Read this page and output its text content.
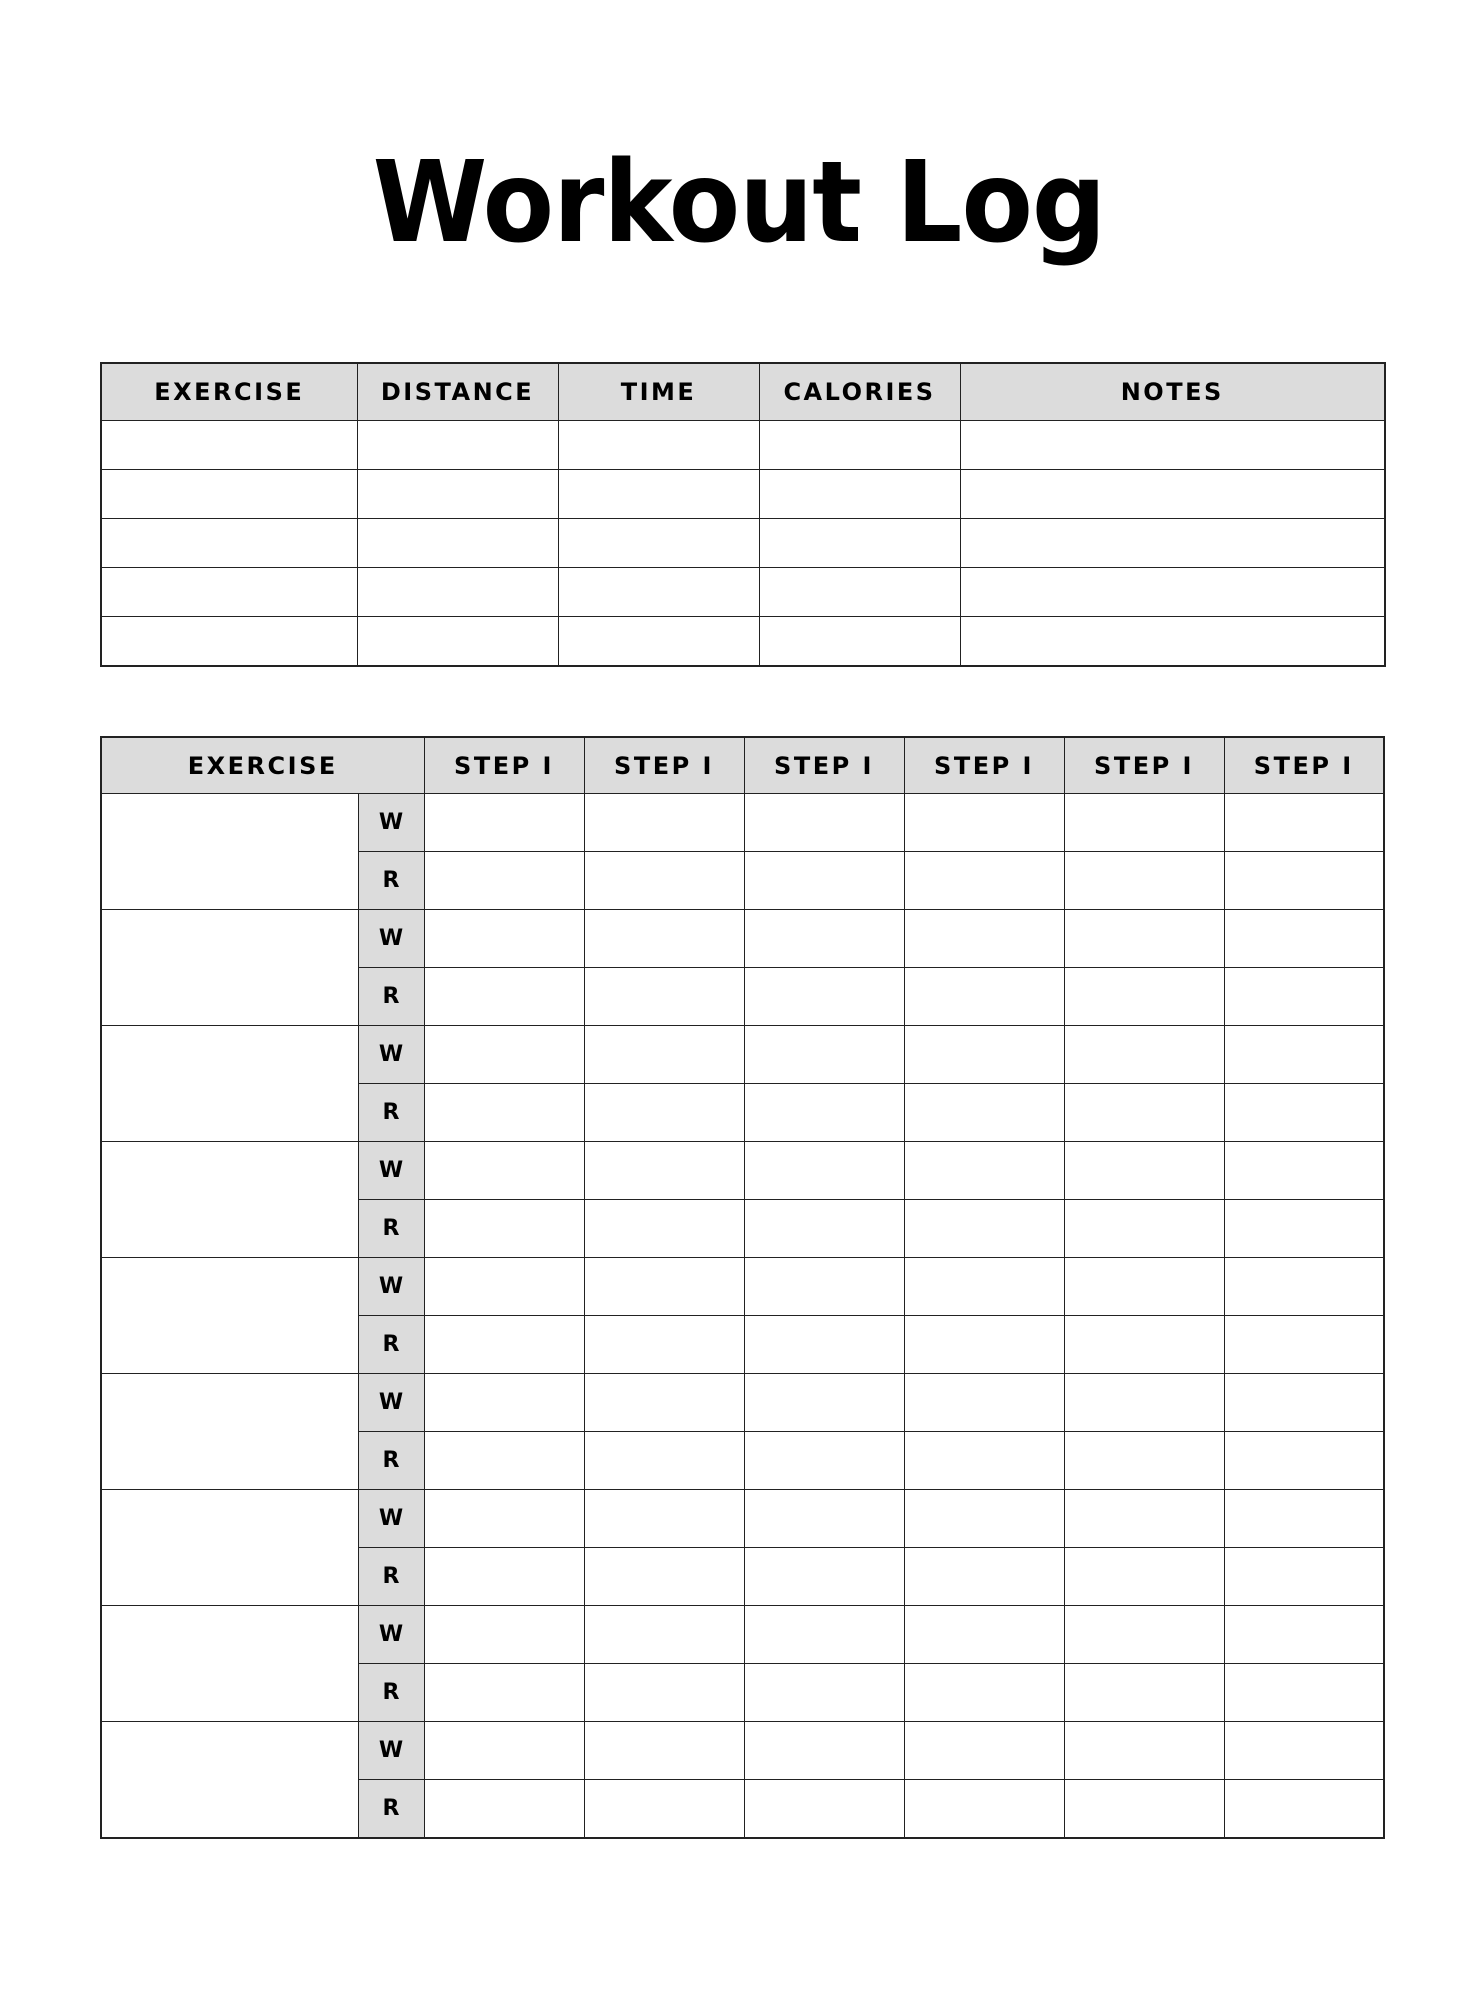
Workout Log
EXERCISE	DISTANCE	TIME	CALORIES	NOTES

EXERCISE		STEP I	STEP I	STEP I	STEP I	STEP I	STEP I
	W						
	R						
	W						
	R						
	W						
	R						
	W						
	R						
	W						
	R						
	W						
	R						
	W						
	R						
	W						
	R						
	W						
	R						
